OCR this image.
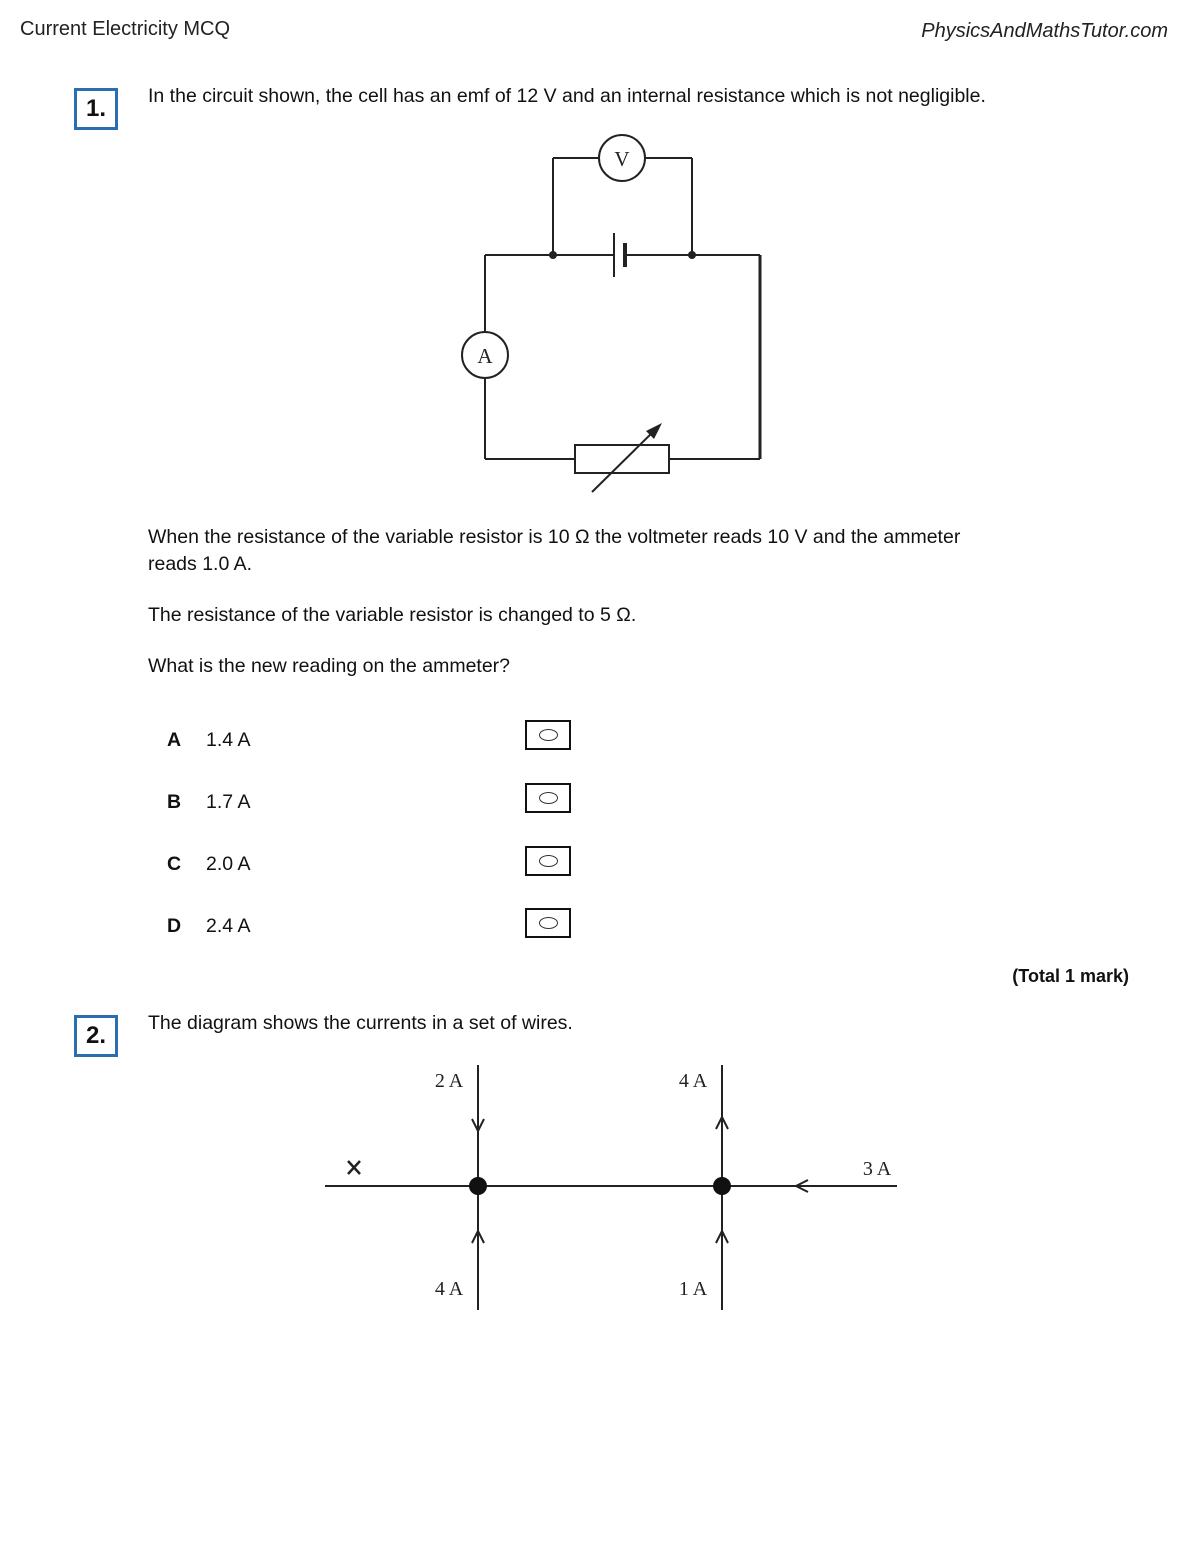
Current Electricity MCQ	PhysicsAndMathsTutor.com
1.	In the circuit shown, the cell has an emf of 12 V and an internal resistance which is not negligible.
V
A
When the resistance of the variable resistor is 10 Ω the voltmeter reads 10 V and the ammeter
reads 1.0 A.
The resistance of the variable resistor is changed to 5 Ω.
What is the new reading on the ammeter?
A 1.4 A
B 1.7 A
C 2.0 A
D 2.4 A
(Total 1 mark)
2.	The diagram shows the currents in a set of wires.
2 A	4 A
4 A	1 A
3 A
